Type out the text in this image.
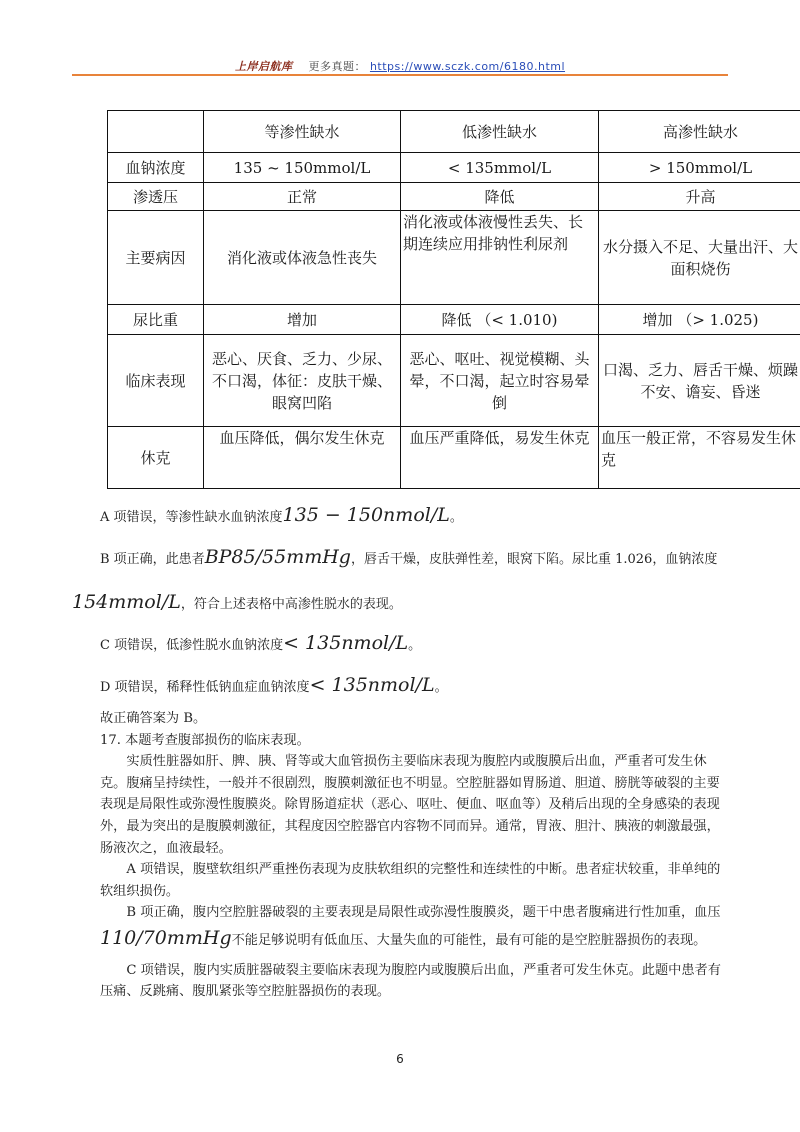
上岸启航库 更多真题： https://www.sczk.com/6180.html
	等渗性缺水	低渗性缺水	高渗性缺水
血钠浓度	135 ~ 150mmol/L	< 135mmol/L	> 150mmol/L
渗透压	正常	降低	升高
主要病因	消化液或体液急性丧失	消化液或体液慢性丢失、长期连续应用排钠性利尿剂	水分摄入不足、大量出汗、大面积烧伤
尿比重	增加	降低 （< 1.010)	增加 （> 1.025)
临床表现	恶心、厌食、乏力、少尿、不口渴，体征：皮肤干燥、眼窝凹陷	恶心、呕吐、视觉模糊、头晕，不口渴，起立时容易晕倒	口渴、乏力、唇舌干燥、烦躁不安、谵妄、昏迷
休克	血压降低，偶尔发生休克	血压严重降低，易发生休克	血压一般正常，不容易发生休克
A 项错误，等渗性缺水血钠浓度135 − 150nmol/L。
B 项正确，此患者BP85/55mmHg，唇舌干燥，皮肤弹性差，眼窝下陷。尿比重 1.026，血钠浓度
154mmol/L，符合上述表格中高渗性脱水的表现。
C 项错误，低渗性脱水血钠浓度< 135nmol/L。
D 项错误，稀释性低钠血症血钠浓度< 135nmol/L。

故正确答案为 B。

17. 本题考查腹部损伤的临床表现。

实质性脏器如肝、脾、胰、肾等或大血管损伤主要临床表现为腹腔内或腹膜后出血，严重者可发生休克。腹痛呈持续性，一般并不很剧烈，腹膜刺激征也不明显。空腔脏器如胃肠道、胆道、膀胱等破裂的主要表现是局限性或弥漫性腹膜炎。除胃肠道症状（恶心、呕吐、便血、呕血等）及稍后出现的全身感染的表现外，最为突出的是腹膜刺激征，其程度因空腔器官内容物不同而异。通常，胃液、胆汁、胰液的刺激最强，肠液次之，血液最轻。

A 项错误，腹壁软组织严重挫伤表现为皮肤软组织的完整性和连续性的中断。患者症状较重，非单纯的软组织损伤。

B 项正确，腹内空腔脏器破裂的主要表现是局限性或弥漫性腹膜炎，题干中患者腹痛进行性加重，血压

110/70mmHg不能足够说明有低血压、大量失血的可能性，最有可能的是空腔脏器损伤的表现。

C 项错误，腹内实质脏器破裂主要临床表现为腹腔内或腹膜后出血，严重者可发生休克。此题中患者有压痛、反跳痛、腹肌紧张等空腔脏器损伤的表现。

6
